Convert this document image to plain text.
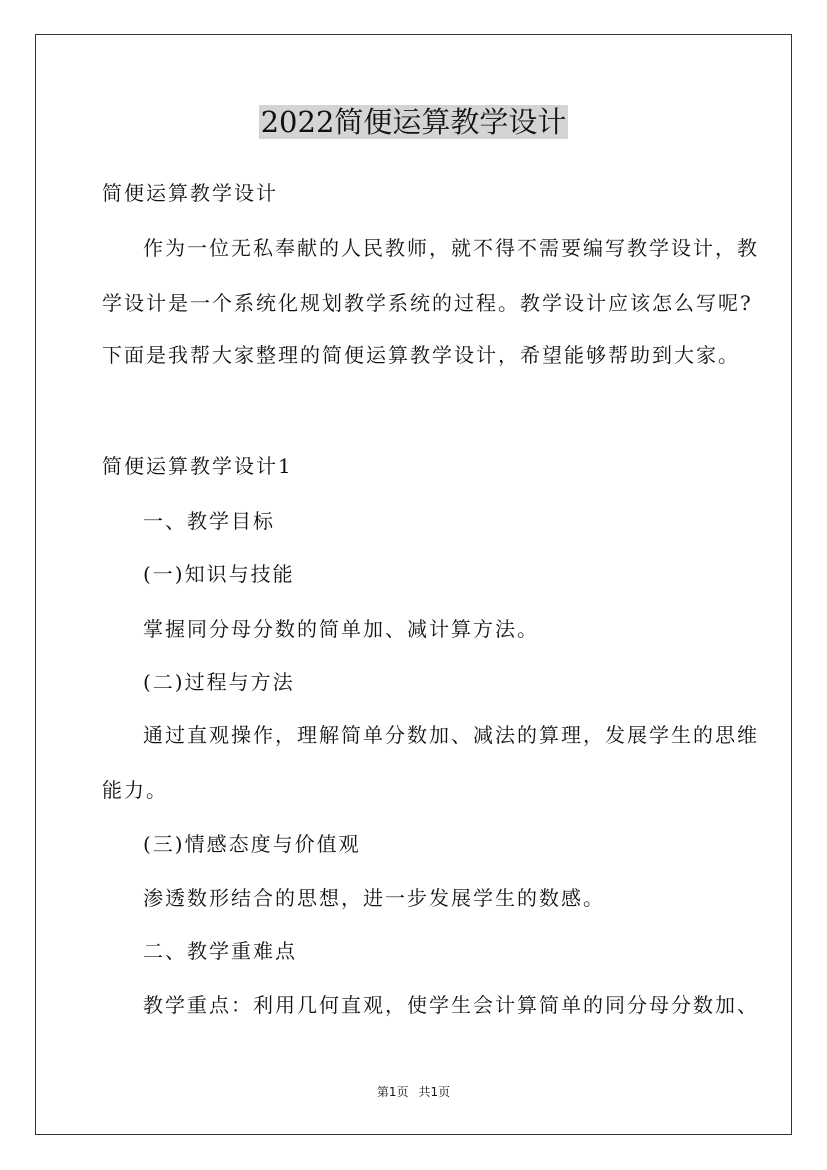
2022简便运算教学设计
简便运算教学设计
作为一位无私奉献的人民教师，就不得不需要编写教学设计，教
学设计是一个系统化规划教学系统的过程。教学设计应该怎么写呢?
下面是我帮大家整理的简便运算教学设计，希望能够帮助到大家。
简便运算教学设计1
一、教学目标
(一)知识与技能
掌握同分母分数的简单加、减计算方法。
(二)过程与方法
通过直观操作，理解简单分数加、减法的算理，发展学生的思维
能力。
(三)情感态度与价值观
渗透数形结合的思想，进一步发展学生的数感。
二、教学重难点
教学重点：利用几何直观，使学生会计算简单的同分母分数加、
第1页 共1页
